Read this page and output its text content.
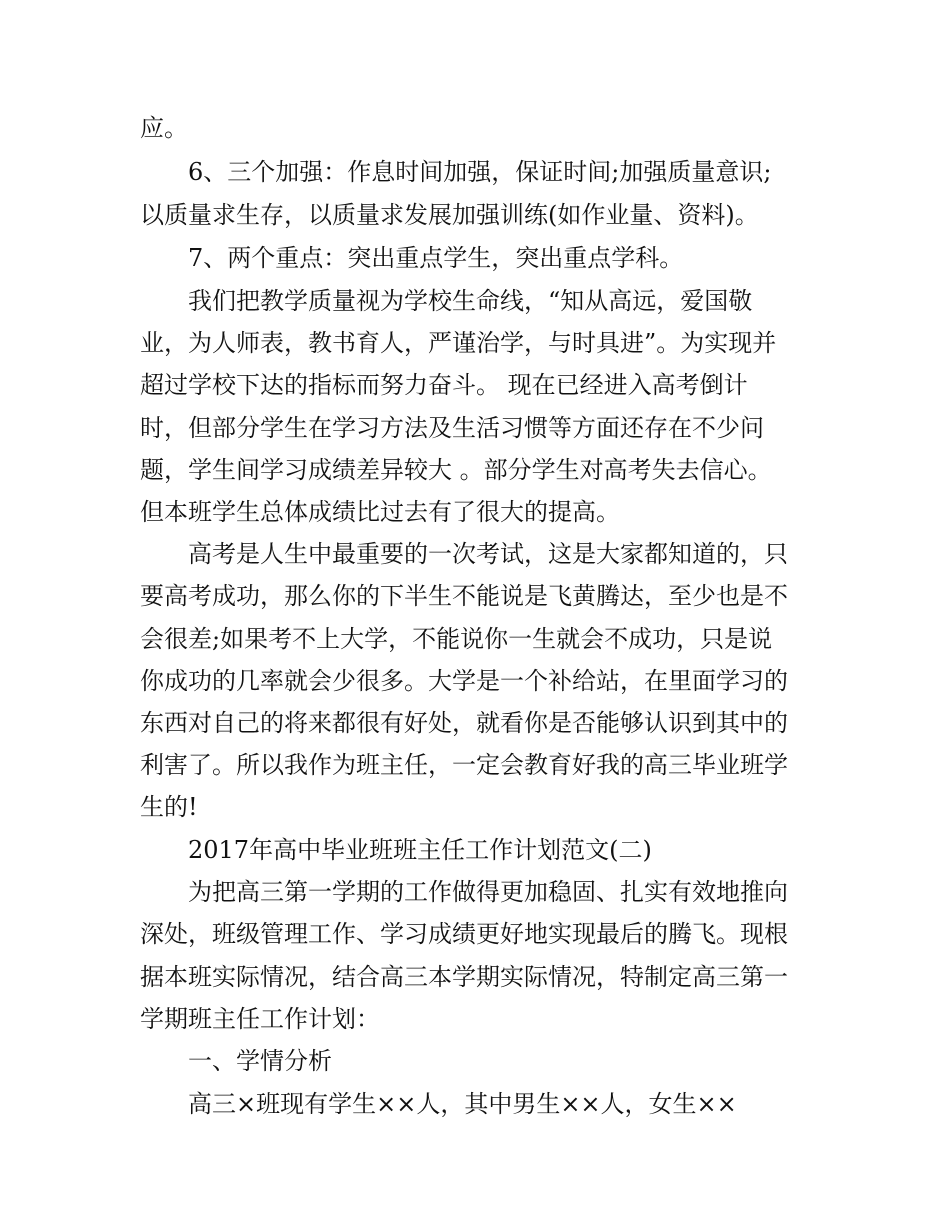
应。
6、三个加强：作息时间加强，保证时间;加强质量意识;
以质量求生存，以质量求发展加强训练(如作业量、资料)。
7、两个重点：突出重点学生，突出重点学科。
我们把教学质量视为学校生命线，“知从高远，爱国敬
业，为人师表，教书育人，严谨治学，与时具进”。为实现并
超过学校下达的指标而努力奋斗。 现在已经进入高考倒计
时，但部分学生在学习方法及生活习惯等方面还存在不少问
题，学生间学习成绩差异较大 。部分学生对高考失去信心。
但本班学生总体成绩比过去有了很大的提高。
高考是人生中最重要的一次考试，这是大家都知道的，只
要高考成功，那么你的下半生不能说是飞黄腾达，至少也是不
会很差;如果考不上大学，不能说你一生就会不成功，只是说
你成功的几率就会少很多。大学是一个补给站，在里面学习的
东西对自己的将来都很有好处，就看你是否能够认识到其中的
利害了。所以我作为班主任，一定会教育好我的高三毕业班学
生的!
2017年高中毕业班班主任工作计划范文(二)
为把高三第一学期的工作做得更加稳固、扎实有效地推向
深处，班级管理工作、学习成绩更好地实现最后的腾飞。现根
据本班实际情况，结合高三本学期实际情况，特制定高三第一
学期班主任工作计划：
一、学情分析
高三×班现有学生××人，其中男生××人，女生××
